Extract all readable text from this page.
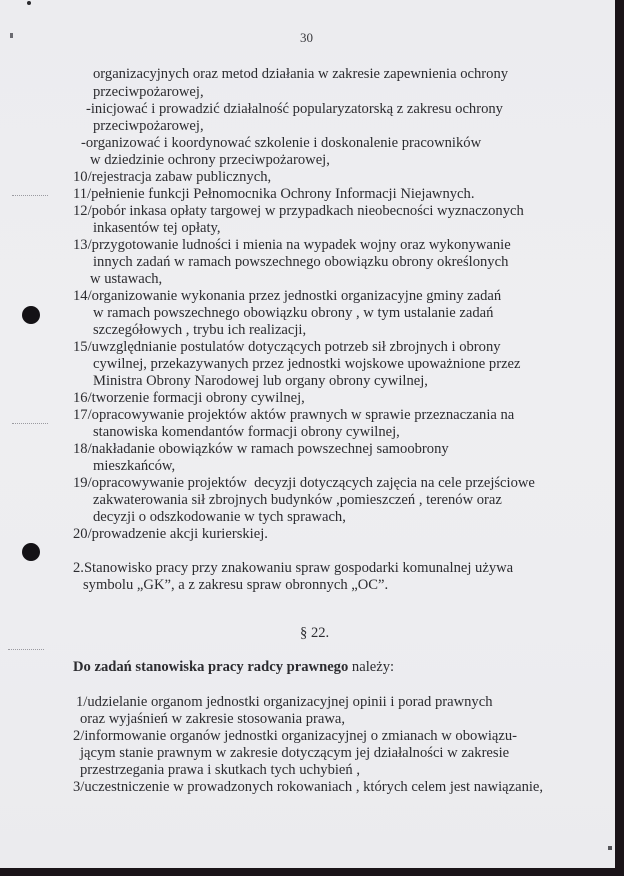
30
organizacyjnych oraz metod działania w zakresie zapewnienia ochrony
przeciwpożarowej,
-inicjować i prowadzić działalność popularyzatorską z zakresu ochrony
przeciwpożarowej,
-organizować i koordynować szkolenie i doskonalenie pracowników
w dziedzinie ochrony przeciwpożarowej,
10/rejestracja zabaw publicznych,
11/pełnienie funkcji Pełnomocnika Ochrony Informacji Niejawnych.
12/pobór inkasa opłaty targowej w przypadkach nieobecności wyznaczonych
inkasentów tej opłaty,
13/przygotowanie ludności i mienia na wypadek wojny oraz wykonywanie
innych zadań w ramach powszechnego obowiązku obrony określonych
w ustawach,
14/organizowanie wykonania przez jednostki organizacyjne gminy zadań
w ramach powszechnego obowiązku obrony , w tym ustalanie zadań
szczegółowych , trybu ich realizacji,
15/uwzględnianie postulatów dotyczących potrzeb sił zbrojnych i obrony
cywilnej, przekazywanych przez jednostki wojskowe upoważnione przez
Ministra Obrony Narodowej lub organy obrony cywilnej,
16/tworzenie formacji obrony cywilnej,
17/opracowywanie projektów aktów prawnych w sprawie przeznaczania na
stanowiska komendantów formacji obrony cywilnej,
18/nakładanie obowiązków w ramach powszechnej samoobrony
mieszkańców,
19/opracowywanie projektów  decyzji dotyczących zajęcia na cele przejściowe
zakwaterowania sił zbrojnych budynków ,pomieszczeń , terenów oraz
decyzji o odszkodowanie w tych sprawach,
20/prowadzenie akcji kurierskiej.
2.Stanowisko pracy przy znakowaniu spraw gospodarki komunalnej używa
symbolu „GK”, a z zakresu spraw obronnych „OC”.
§ 22.
Do zadań stanowiska pracy radcy prawnego należy:
1/udzielanie organom jednostki organizacyjnej opinii i porad prawnych
oraz wyjaśnień w zakresie stosowania prawa,
2/informowanie organów jednostki organizacyjnej o zmianach w obowiązu-
jącym stanie prawnym w zakresie dotyczącym jej działalności w zakresie
przestrzegania prawa i skutkach tych uchybień ,
3/uczestniczenie w prowadzonych rokowaniach , których celem jest nawiązanie,
